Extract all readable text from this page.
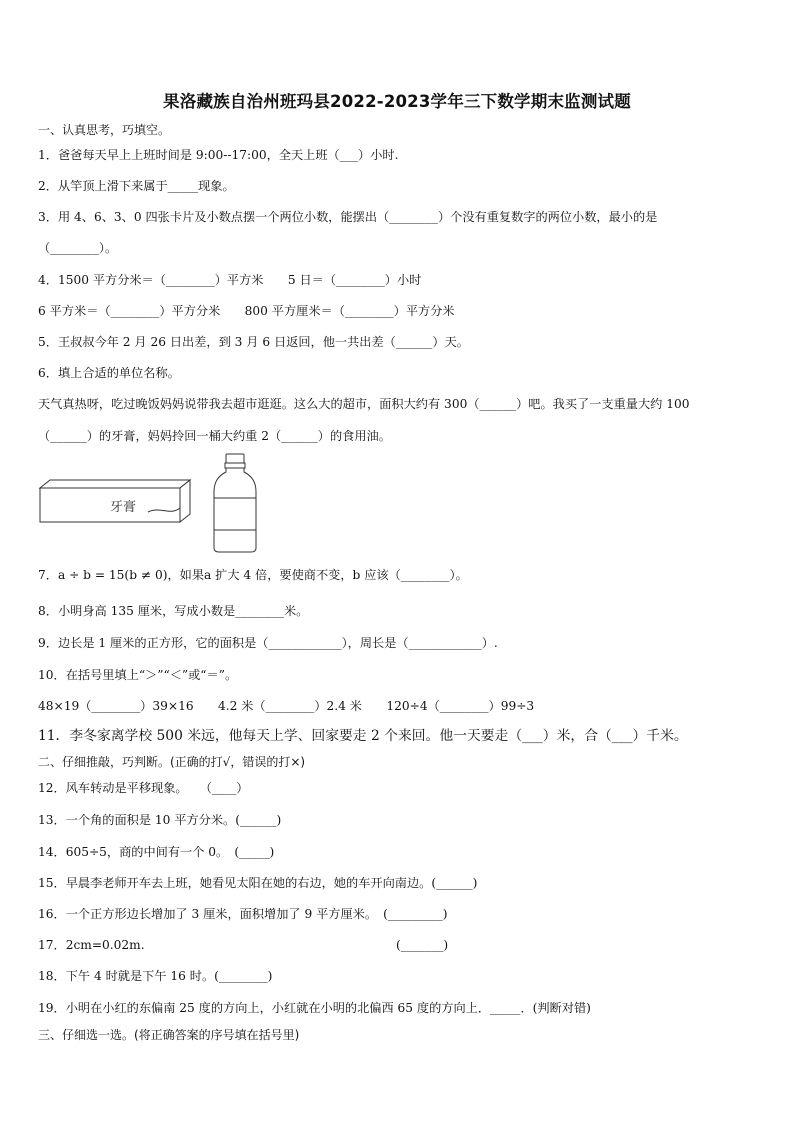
果洛藏族自治州班玛县2022-2023学年三下数学期末监测试题
一、认真思考，巧填空。
1．爸爸每天早上上班时间是 9:00--17:00，全天上班（___）小时.
2．从竿顶上滑下来属于_____现象。
3．用 4、6、3、0 四张卡片及小数点摆一个两位小数，能摆出（________）个没有重复数字的两位小数，最小的是
（________）。
4．1500 平方分米＝（________）平方米　　5 日＝（________）小时
6 平方米＝（________）平方分米　　800 平方厘米＝（________）平方分米
5．王叔叔今年 2 月 26 日出差，到 3 月 6 日返回，他一共出差（______）天。
6．填上合适的单位名称。
天气真热呀，吃过晚饭妈妈说带我去超市逛逛。这么大的超市，面积大约有 300（______）吧。我买了一支重量大约 100
（______）的牙膏，妈妈拎回一桶大约重 2（______）的食用油。
牙膏
7．a ÷ b = 15(b ≠ 0)，如果a 扩大 4 倍，要使商不变，b 应该（________）。
8．小明身高 135 厘米，写成小数是________米。
9．边长是 1 厘米的正方形，它的面积是（____________），周长是（____________）.
10．在括号里填上“＞”“＜”或“＝”。
48×19（________）39×16　　4.2 米（________）2.4 米　　120÷4（________）99÷3
11．李冬家离学校 500 米远，他每天上学、回家要走 2 个来回。他一天要走（___）米，合（___）千米。
二、仔细推敲，巧判断。(正确的打√，错误的打×)
12．风车转动是平移现象。　　（____）
13．一个角的面积是 10 平方分米。(______)
14．605÷5，商的中间有一个 0。　(_____)
15．早晨李老师开车去上班，她看见太阳在她的右边，她的车开向南边。(______)
16．一个正方形边长增加了 3 厘米，面积增加了 9 平方厘米。　(_________)
17．2cm=0.02m.	(_______)
18．下午 4 时就是下午 16 时。(________)
19．小明在小红的东偏南 25 度的方向上，小红就在小明的北偏西 65 度的方向上．_____．(判断对错)
三、仔细选一选。(将正确答案的序号填在括号里)
